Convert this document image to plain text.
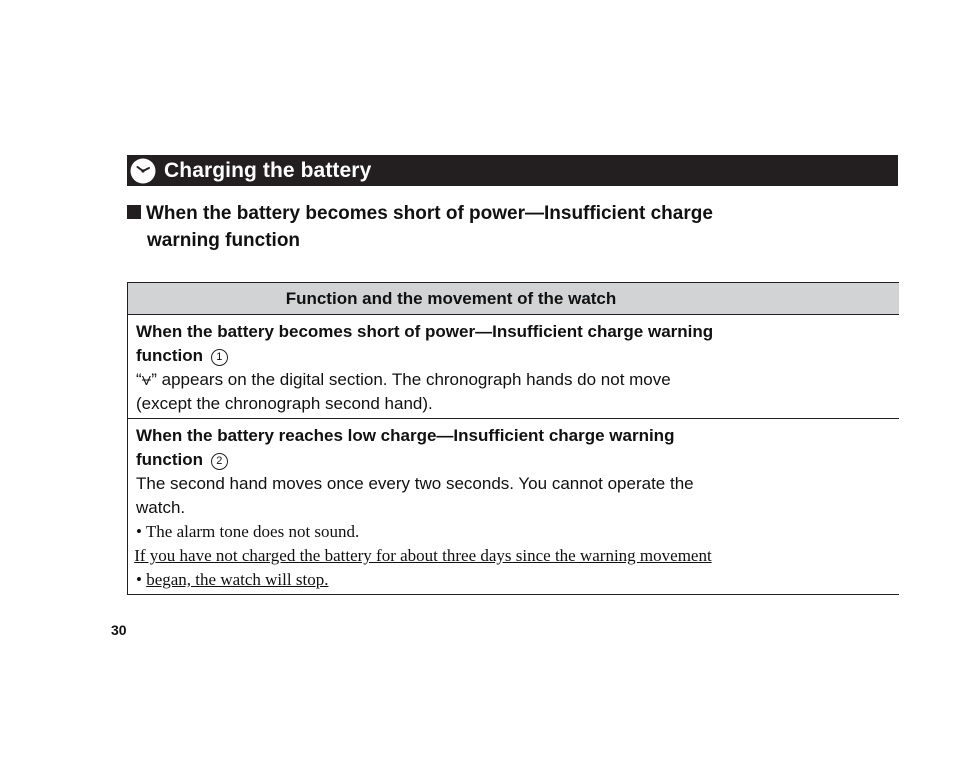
Charging the battery
When the battery becomes short of power—Insufficient charge
warning function
Function and the movement of the watch
When the battery becomes short of power—Insufficient charge warning
function 1
“⩝” appears on the digital section. The chronograph hands do not move
(except the chronograph second hand).
When the battery reaches low charge—Insufficient charge warning
function 2
The second hand moves once every two seconds. You cannot operate the
watch.
• The alarm tone does not sound.
• If you have not charged the battery for about three days since the warning movement began, the watch will stop.
30
